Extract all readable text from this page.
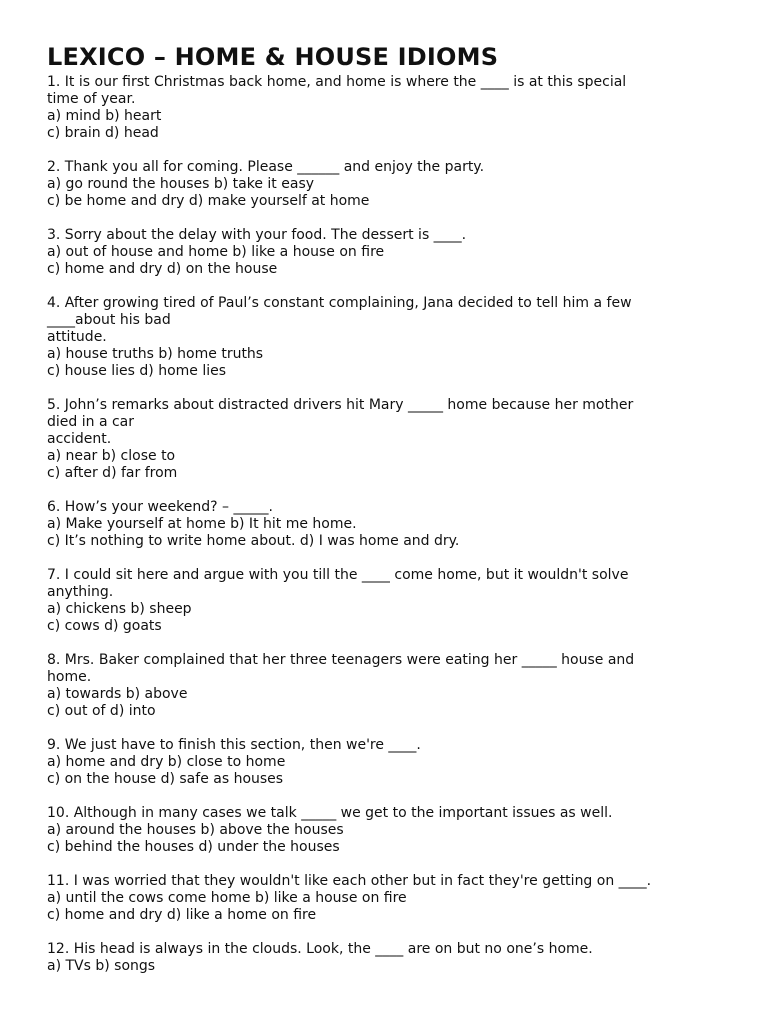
LEXICO – HOME & HOUSE IDIOMS
1. It is our first Christmas back home, and home is where the ____ is at this special
time of year.
a) mind b) heart
c) brain d) head
2. Thank you all for coming. Please ______ and enjoy the party.
a) go round the houses b) take it easy
c) be home and dry d) make yourself at home
3. Sorry about the delay with your food. The dessert is ____.
a) out of house and home b) like a house on fire
c) home and dry d) on the house
4. After growing tired of Paul’s constant complaining, Jana decided to tell him a few
____about his bad
attitude.
a) house truths b) home truths
c) house lies d) home lies
5. John’s remarks about distracted drivers hit Mary _____ home because her mother
died in a car
accident.
a) near b) close to
c) after d) far from
6. How’s your weekend? – _____.
a) Make yourself at home b) It hit me home.
c) It’s nothing to write home about. d) I was home and dry.
7. I could sit here and argue with you till the ____ come home, but it wouldn't solve
anything.
a) chickens b) sheep
c) cows d) goats
8. Mrs. Baker complained that her three teenagers were eating her _____ house and
home.
a) towards b) above
c) out of d) into
9. We just have to finish this section, then we're ____.
a) home and dry b) close to home
c) on the house d) safe as houses
10. Although in many cases we talk _____ we get to the important issues as well.
a) around the houses b) above the houses
c) behind the houses d) under the houses
11. I was worried that they wouldn't like each other but in fact they're getting on ____.
a) until the cows come home b) like a house on fire
c) home and dry d) like a home on fire
12. His head is always in the clouds. Look, the ____ are on but no one’s home.
a) TVs b) songs
